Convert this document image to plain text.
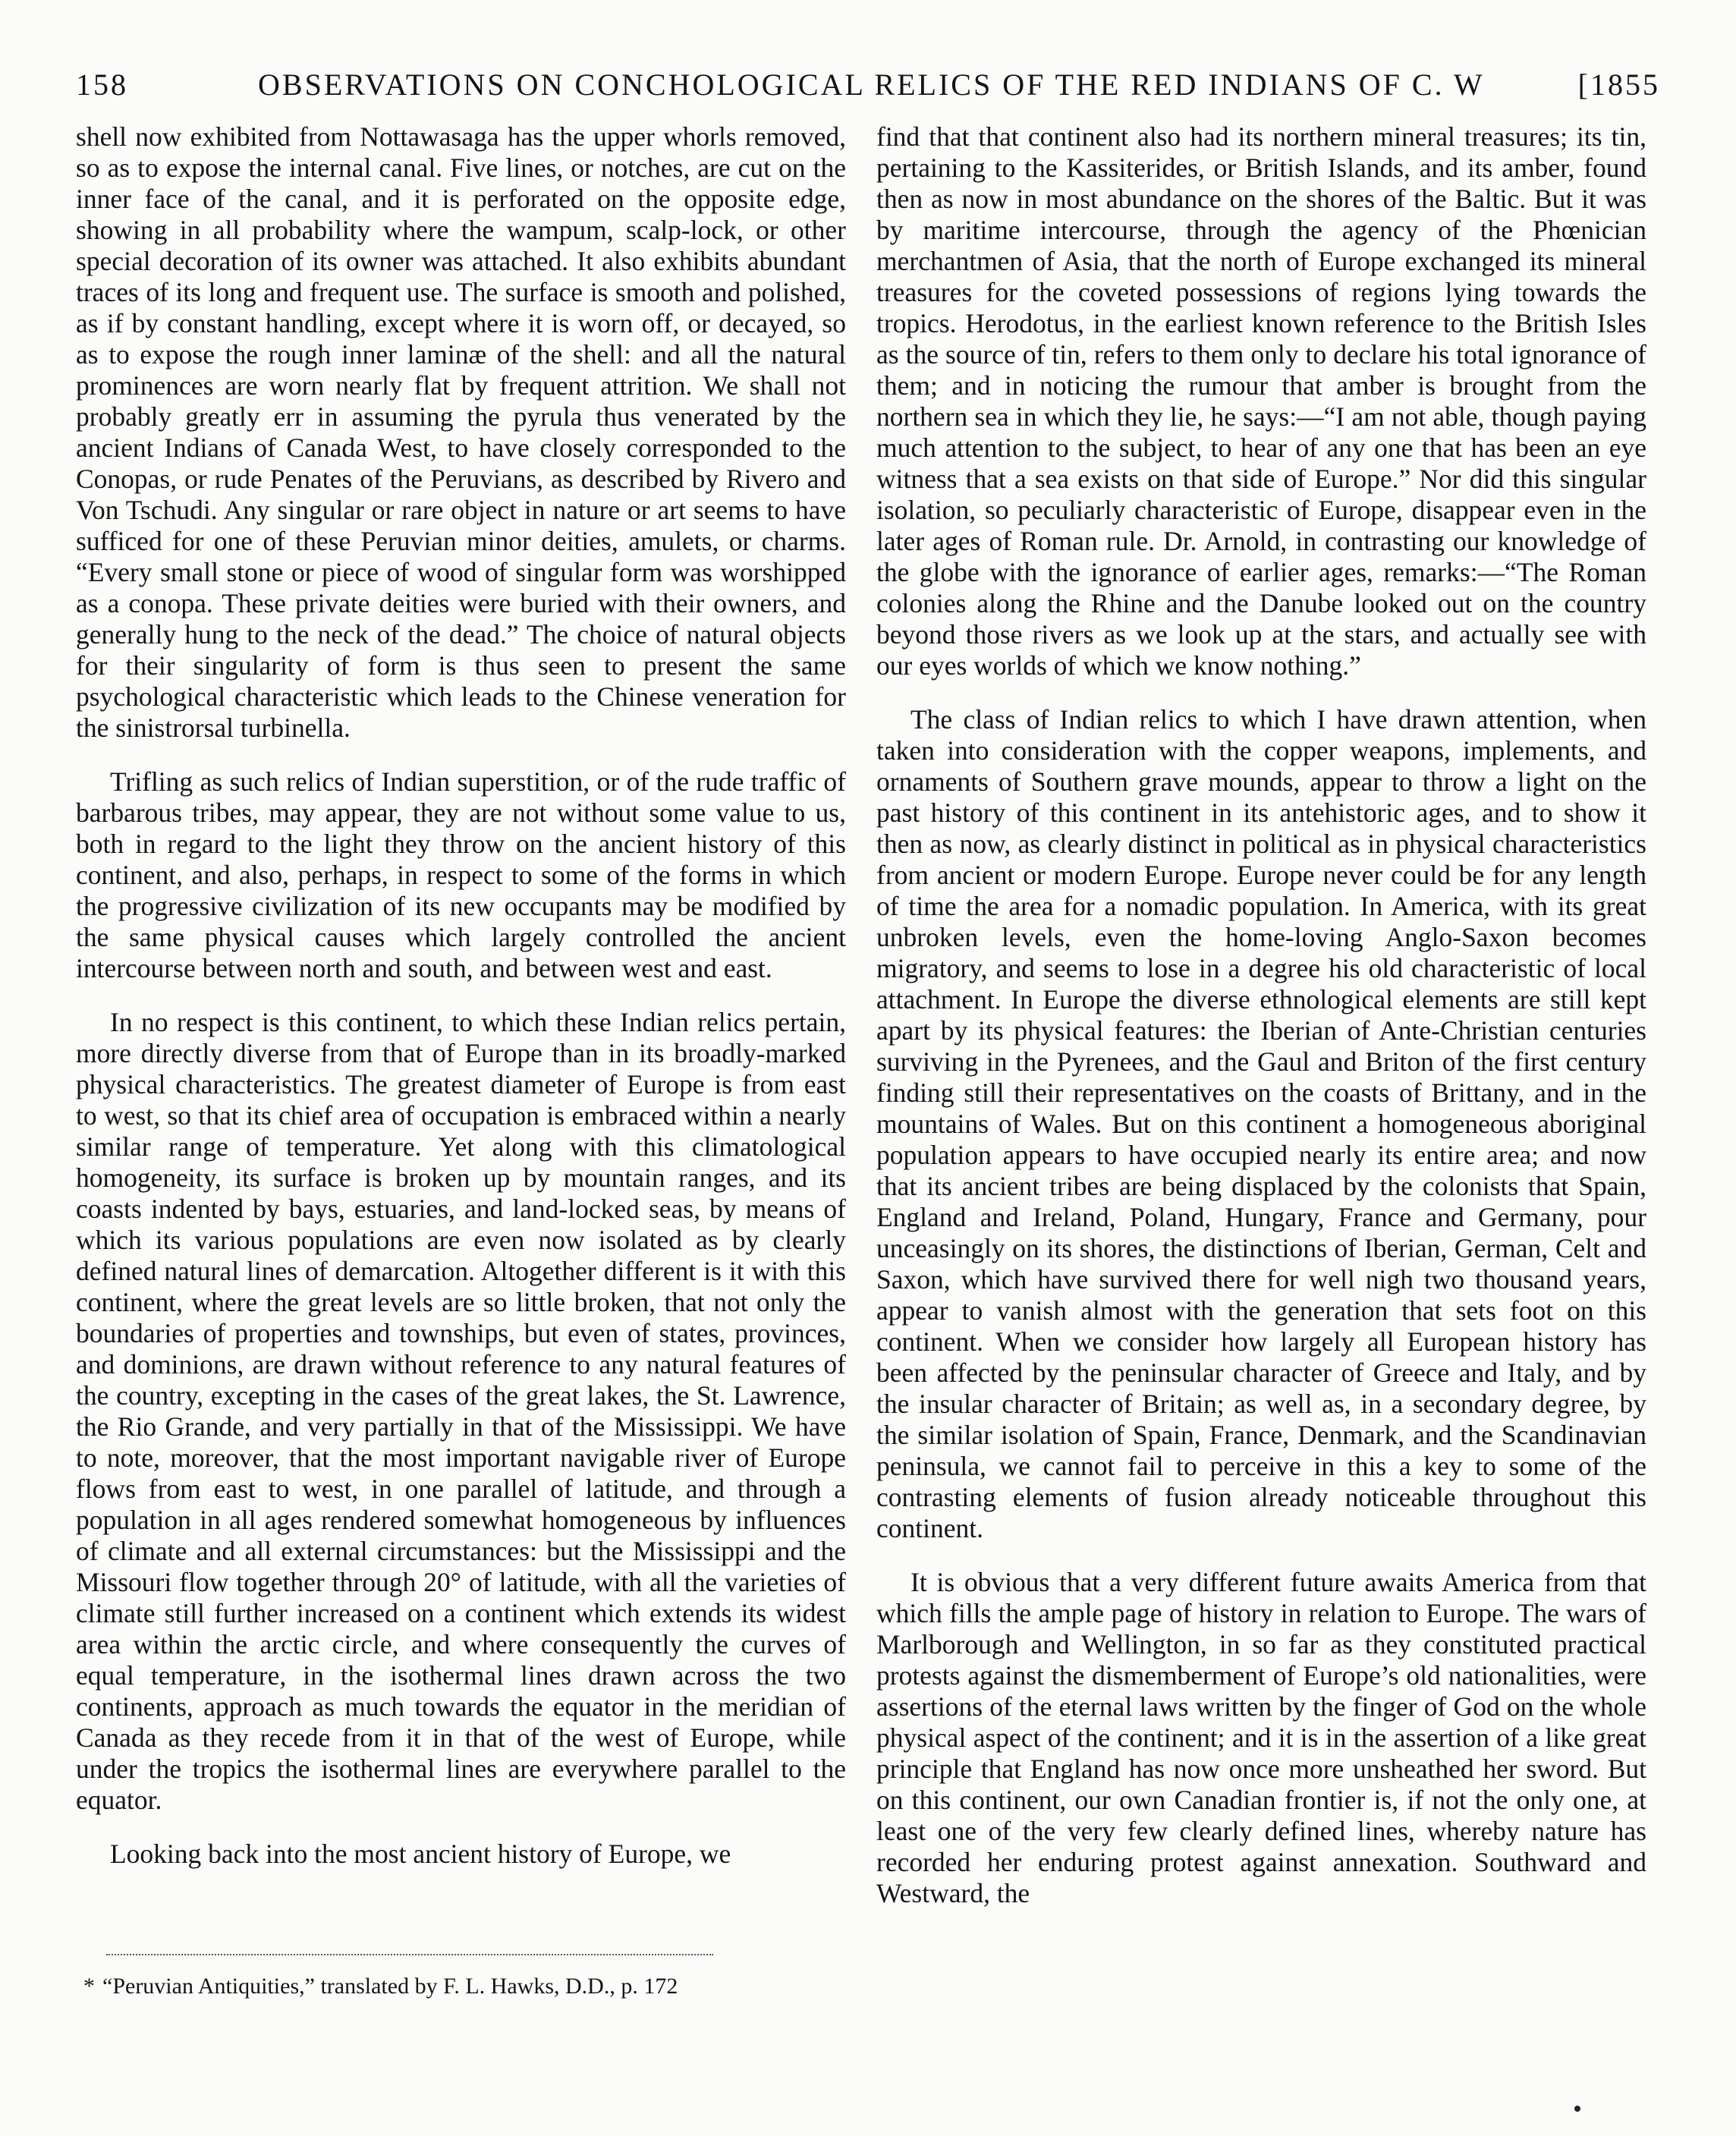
158	OBSERVATIONS ON CONCHOLOGICAL RELICS OF THE RED INDIANS OF C. W	[1855

shell now exhibited from Nottawasaga has the upper whorls removed, so as to expose the internal canal. Five lines, or notches, are cut on the inner face of the canal, and it is perforated on the opposite edge, showing in all probability where the wampum, scalp-lock, or other special decoration of its owner was attached. It also exhibits abundant traces of its long and frequent use. The surface is smooth and polished, as if by constant handling, except where it is worn off, or decayed, so as to expose the rough inner laminæ of the shell: and all the natural prominences are worn nearly flat by frequent attrition. We shall not probably greatly err in assuming the pyrula thus venerated by the ancient Indians of Canada West, to have closely corresponded to the Conopas, or rude Penates of the Peruvians, as described by Rivero and Von Tschudi. Any singular or rare object in nature or art seems to have sufficed for one of these Peruvian minor deities, amulets, or charms. “Every small stone or piece of wood of singular form was worshipped as a conopa. These private deities were buried with their owners, and generally hung to the neck of the dead.” The choice of natural objects for their singularity of form is thus seen to present the same psychological characteristic which leads to the Chinese veneration for the sinistrorsal turbinella.

Trifling as such relics of Indian superstition, or of the rude traffic of barbarous tribes, may appear, they are not without some value to us, both in regard to the light they throw on the ancient history of this continent, and also, perhaps, in respect to some of the forms in which the progressive civilization of its new occupants may be modified by the same physical causes which largely controlled the ancient intercourse between north and south, and between west and east.

In no respect is this continent, to which these Indian relics pertain, more directly diverse from that of Europe than in its broadly-marked physical characteristics. The greatest diameter of Europe is from east to west, so that its chief area of occupation is embraced within a nearly similar range of temperature. Yet along with this climatological homogeneity, its surface is broken up by mountain ranges, and its coasts indented by bays, estuaries, and land-locked seas, by means of which its various populations are even now isolated as by clearly defined natural lines of demarcation. Altogether different is it with this continent, where the great levels are so little broken, that not only the boundaries of properties and townships, but even of states, provinces, and dominions, are drawn without reference to any natural features of the country, excepting in the cases of the great lakes, the St. Lawrence, the Rio Grande, and very partially in that of the Mississippi. We have to note, moreover, that the most important navigable river of Europe flows from east to west, in one parallel of latitude, and through a population in all ages rendered somewhat homogeneous by influences of climate and all external circumstances: but the Mississippi and the Missouri flow together through 20° of latitude, with all the varieties of climate still further increased on a continent which extends its widest area within the arctic circle, and where consequently the curves of equal temperature, in the isothermal lines drawn across the two continents, approach as much towards the equator in the meridian of Canada as they recede from it in that of the west of Europe, while under the tropics the isothermal lines are everywhere parallel to the equator.

Looking back into the most ancient history of Europe, we

find that that continent also had its northern mineral treasures; its tin, pertaining to the Kassiterides, or British Islands, and its amber, found then as now in most abundance on the shores of the Baltic. But it was by maritime intercourse, through the agency of the Phœnician merchantmen of Asia, that the north of Europe exchanged its mineral treasures for the coveted possessions of regions lying towards the tropics. Herodotus, in the earliest known reference to the British Isles as the source of tin, refers to them only to declare his total ignorance of them; and in noticing the rumour that amber is brought from the northern sea in which they lie, he says:—“I am not able, though paying much attention to the subject, to hear of any one that has been an eye witness that a sea exists on that side of Europe.” Nor did this singular isolation, so peculiarly characteristic of Europe, disappear even in the later ages of Roman rule. Dr. Arnold, in contrasting our knowledge of the globe with the ignorance of earlier ages, remarks:—“The Roman colonies along the Rhine and the Danube looked out on the country beyond those rivers as we look up at the stars, and actually see with our eyes worlds of which we know nothing.”

The class of Indian relics to which I have drawn attention, when taken into consideration with the copper weapons, implements, and ornaments of Southern grave mounds, appear to throw a light on the past history of this continent in its antehistoric ages, and to show it then as now, as clearly distinct in political as in physical characteristics from ancient or modern Europe. Europe never could be for any length of time the area for a nomadic population. In America, with its great unbroken levels, even the home-loving Anglo-Saxon becomes migratory, and seems to lose in a degree his old characteristic of local attachment. In Europe the diverse ethnological elements are still kept apart by its physical features: the Iberian of Ante-Christian centuries surviving in the Pyrenees, and the Gaul and Briton of the first century finding still their representatives on the coasts of Brittany, and in the mountains of Wales. But on this continent a homogeneous aboriginal population appears to have occupied nearly its entire area; and now that its ancient tribes are being displaced by the colonists that Spain, England and Ireland, Poland, Hungary, France and Germany, pour unceasingly on its shores, the distinctions of Iberian, German, Celt and Saxon, which have survived there for well nigh two thousand years, appear to vanish almost with the generation that sets foot on this continent. When we consider how largely all European history has been affected by the peninsular character of Greece and Italy, and by the insular character of Britain; as well as, in a secondary degree, by the similar isolation of Spain, France, Denmark, and the Scandinavian peninsula, we cannot fail to perceive in this a key to some of the contrasting elements of fusion already noticeable throughout this continent.

It is obvious that a very different future awaits America from that which fills the ample page of history in relation to Europe. The wars of Marlborough and Wellington, in so far as they constituted practical protests against the dismemberment of Europe’s old nationalities, were assertions of the eternal laws written by the finger of God on the whole physical aspect of the continent; and it is in the assertion of a like great principle that England has now once more unsheathed her sword. But on this continent, our own Canadian frontier is, if not the only one, at least one of the very few clearly defined lines, whereby nature has recorded her enduring protest against annexation. Southward and Westward, the

* “Peruvian Antiquities,” translated by F. L. Hawks, D.D., p. 172
